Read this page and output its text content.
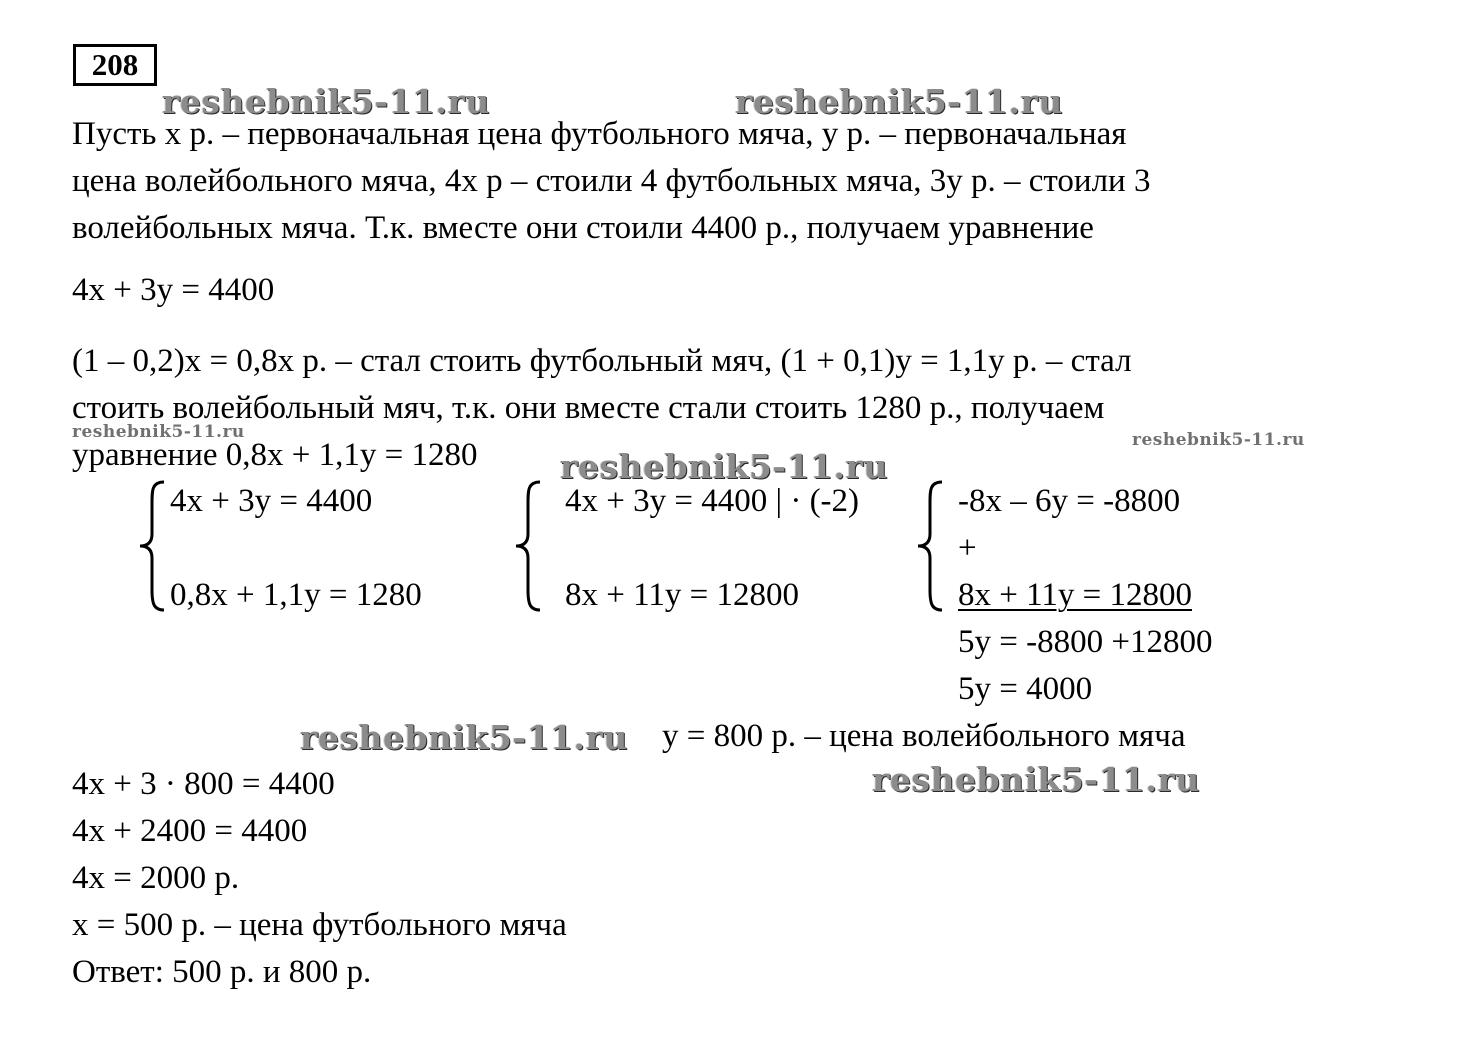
208
reshebnik5-11.ru	reshebnik5-11.ru
Пусть x р. – первоначальная цена футбольного мяча, y р. – первоначальная
цена волейбольного мяча, 4x р – стоили 4 футбольных мяча, 3y р. – стоили 3
волейбольных мяча. Т.к. вместе они стоили 4400 р., получаем уравнение
4x + 3y = 4400
(1 – 0,2)x = 0,8x р. – стал стоить футбольный мяч, (1 + 0,1)y = 1,1y р. – стал
стоить волейбольный мяч, т.к. они вместе стали стоить 1280 р., получаем
уравнение 0,8x + 1,1y = 1280
reshebnik5-11.ru	reshebnik5-11.ru
reshebnik5-11.ru
4x + 3y = 4400
0,8x + 1,1y = 1280
4x + 3y = 4400 | · (-2)
8x + 11y = 12800
-8x – 6y = -8800
+
8x + 11y = 12800
5y = -8800 +12800
5y = 4000
reshebnik5-11.ru y = 800 р. – цена волейбольного мяча
reshebnik5-11.ru
4x + 3 · 800 = 4400
4x + 2400 = 4400
4x = 2000 р.
x = 500 р. – цена футбольного мяча
Ответ: 500 р. и 800 р.
